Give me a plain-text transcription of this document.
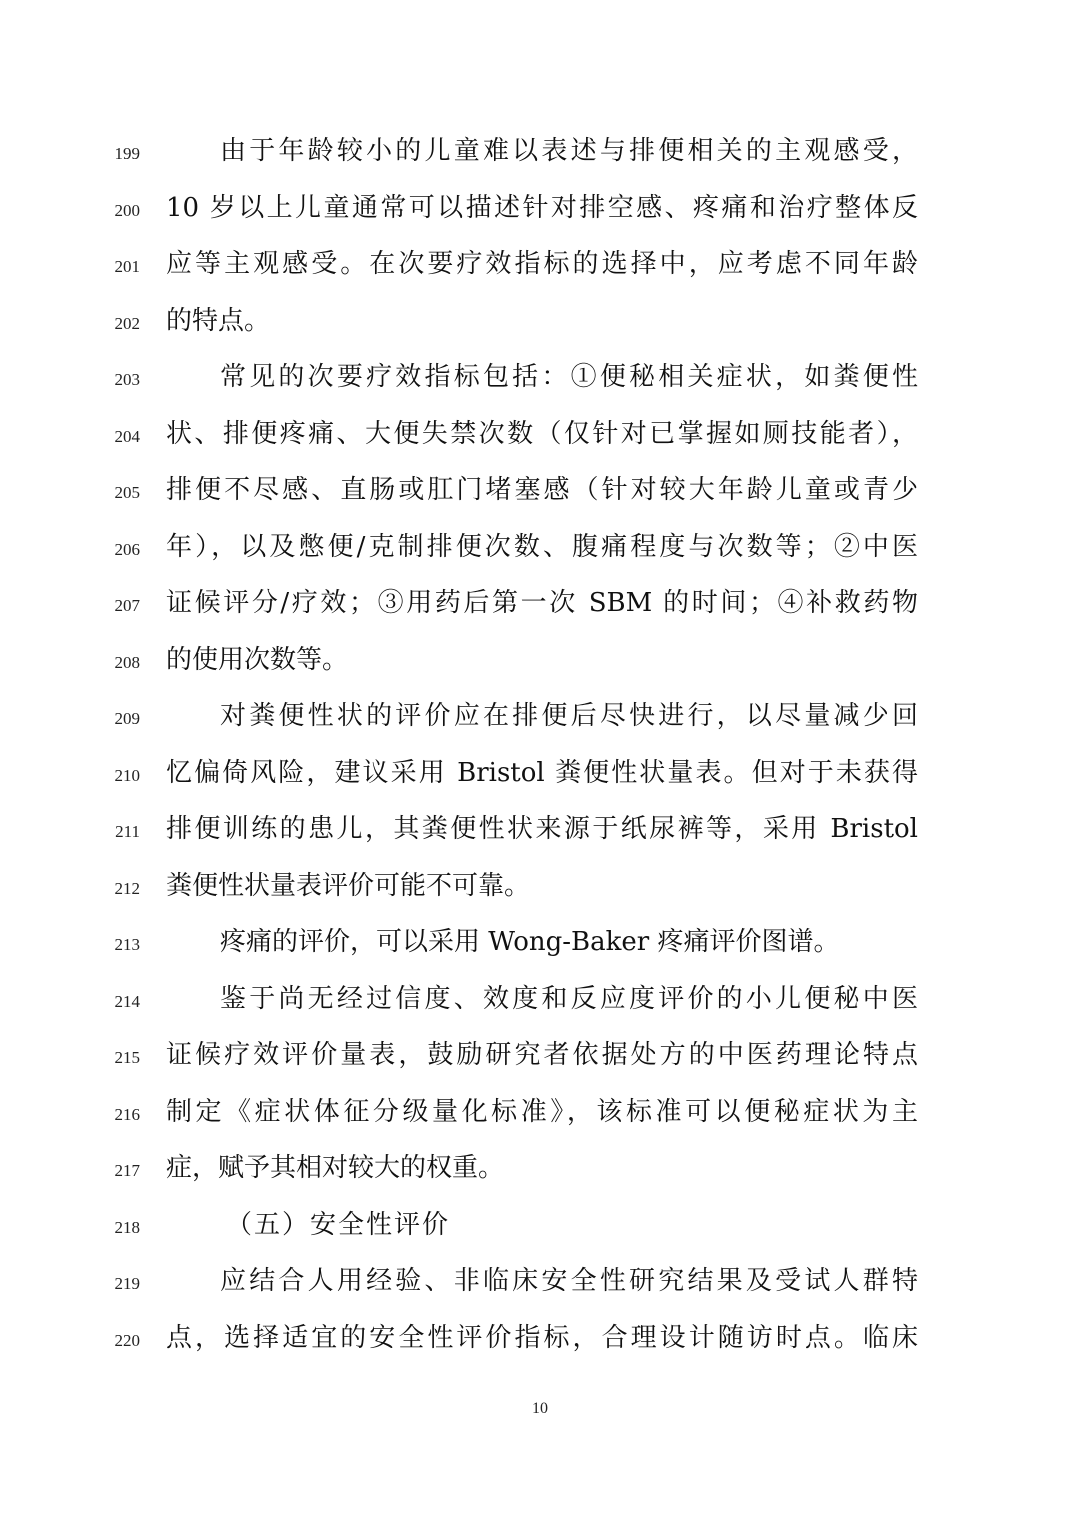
199	由于年龄较小的儿童难以表述与排便相关的主观感受，
200 10 岁以上儿童通常可以描述针对排空感、疼痛和治疗整体反
201 应等主观感受。在次要疗效指标的选择中，应考虑不同年龄
202 的特点。
203	常见的次要疗效指标包括：①便秘相关症状，如粪便性
204 状、排便疼痛、大便失禁次数（仅针对已掌握如厕技能者），
205 排便不尽感、直肠或肛门堵塞感（针对较大年龄儿童或青少
206 年），以及憋便/克制排便次数、腹痛程度与次数等；②中医
207 证候评分/疗效；③用药后第一次 SBM 的时间；④补救药物
208 的使用次数等。
209	对粪便性状的评价应在排便后尽快进行，以尽量减少回
210 忆偏倚风险，建议采用 Bristol 粪便性状量表。但对于未获得
211 排便训练的患儿，其粪便性状来源于纸尿裤等，采用 Bristol
212 粪便性状量表评价可能不可靠。
213	疼痛的评价，可以采用 Wong-Baker 疼痛评价图谱。
214	鉴于尚无经过信度、效度和反应度评价的小儿便秘中医
215 证候疗效评价量表，鼓励研究者依据处方的中医药理论特点
216 制定《症状体征分级量化标准》，该标准可以便秘症状为主
217 症，赋予其相对较大的权重。
218	（五）安全性评价
219	应结合人用经验、非临床安全性研究结果及受试人群特
220 点，选择适宜的安全性评价指标，合理设计随访时点。临床
10
